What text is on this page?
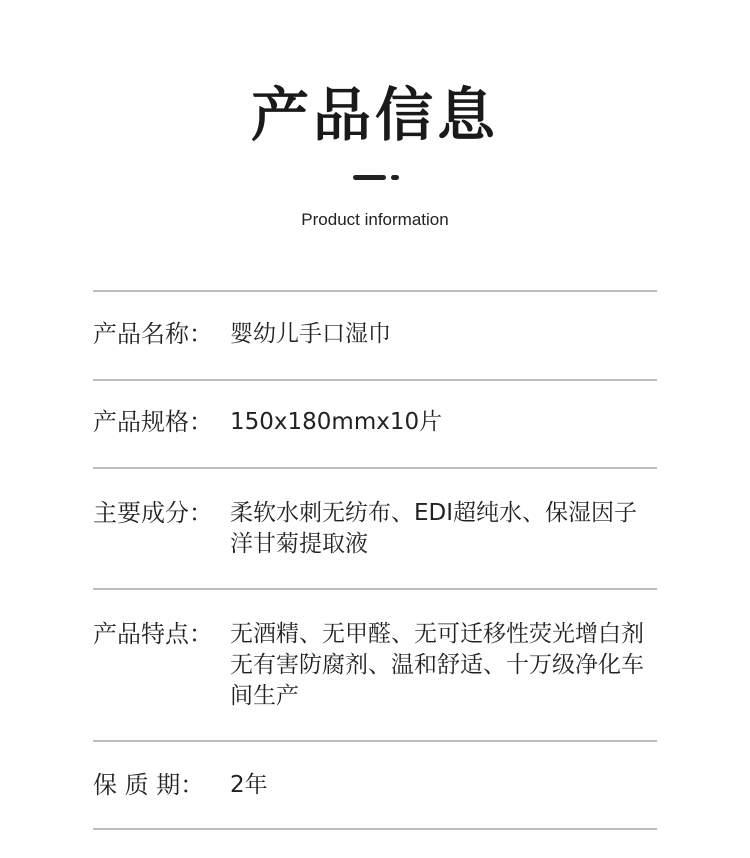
产品信息
Product information
产品名称： 婴幼儿手口湿巾
产品规格： 150x180mmx10片
主要成分： 柔软水刺无纺布、EDI超纯水、保湿因子
洋甘菊提取液
产品特点： 无酒精、无甲醛、无可迁移性荧光增白剂
无有害防腐剂、温和舒适、十万级净化车
间生产
保 质 期：	2年
